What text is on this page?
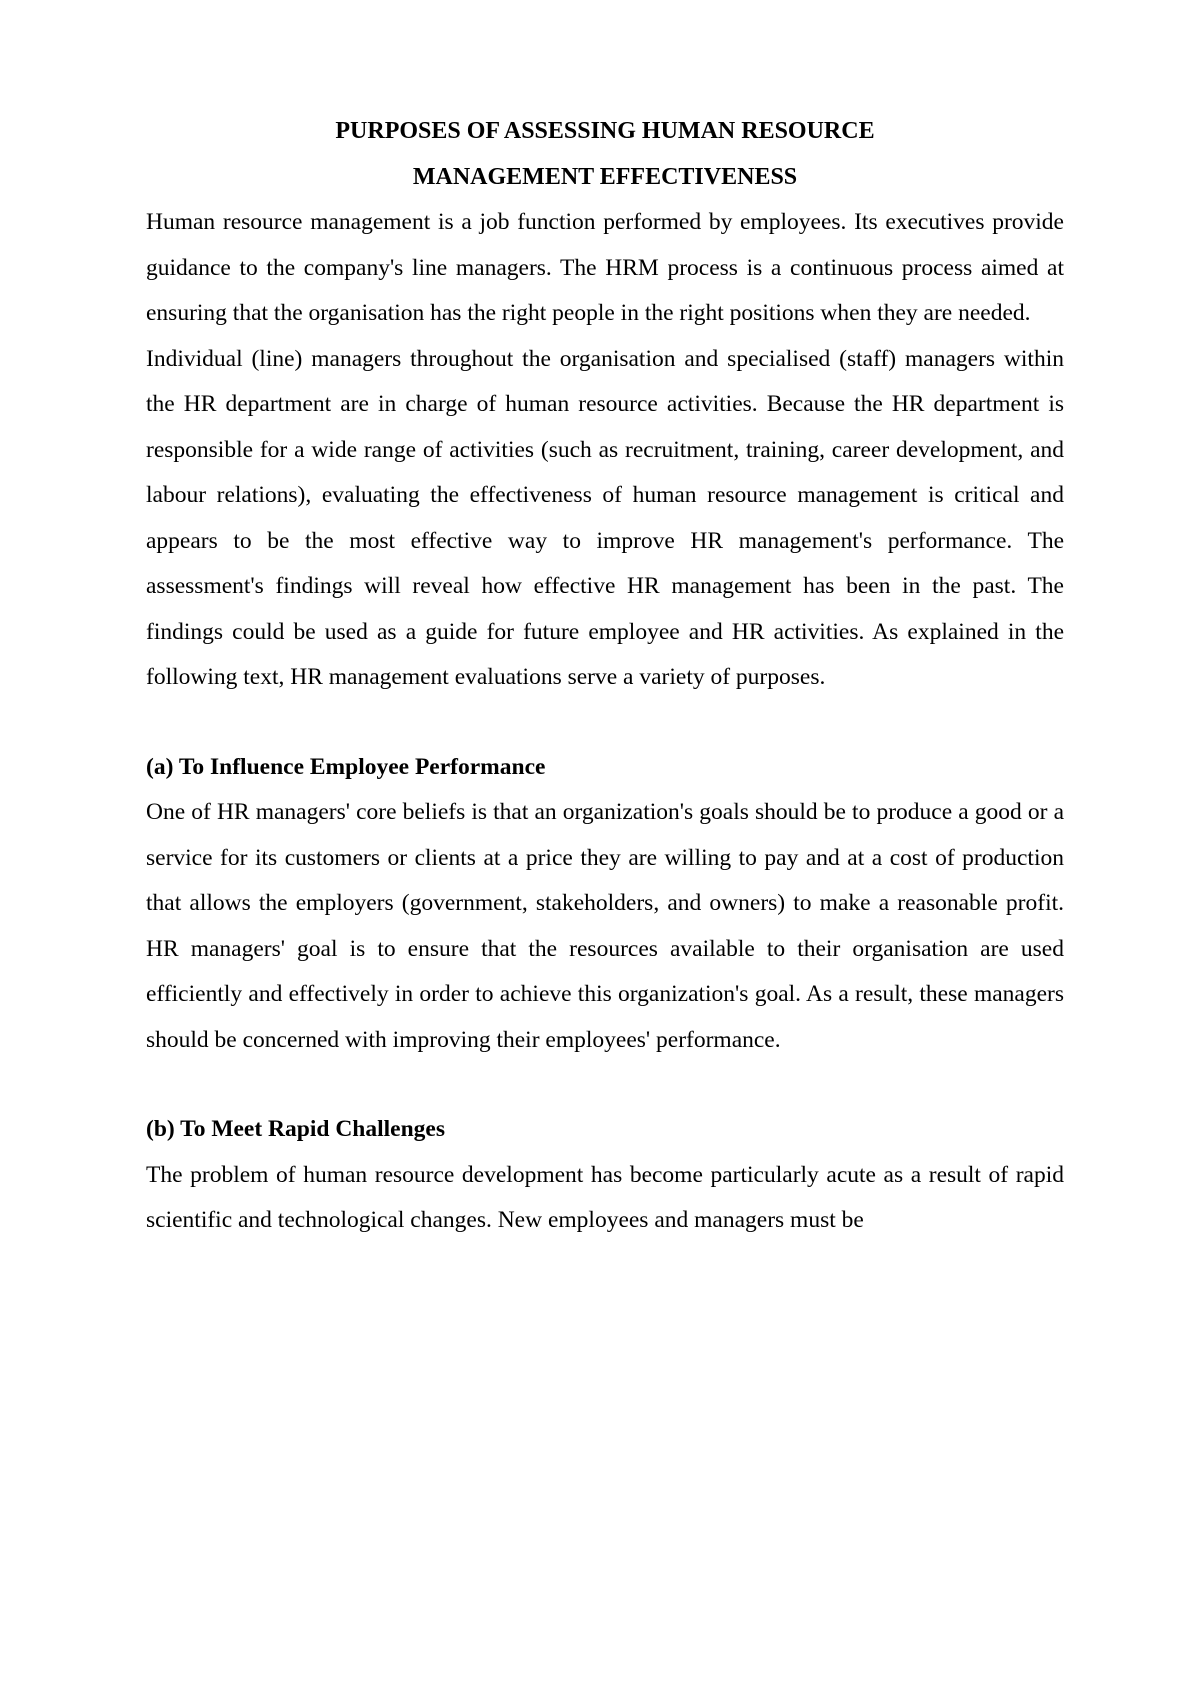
PURPOSES OF ASSESSING HUMAN RESOURCE
MANAGEMENT EFFECTIVENESS

Human resource management is a job function performed by employees. Its executives provide guidance to the company's line managers. The HRM process is a continuous process aimed at ensuring that the organisation has the right people in the right positions when they are needed.

Individual (line) managers throughout the organisation and specialised (staff) managers within the HR department are in charge of human resource activities. Because the HR department is responsible for a wide range of activities (such as recruitment, training, career development, and labour relations), evaluating the effectiveness of human resource management is critical and appears to be the most effective way to improve HR management's performance. The assessment's findings will reveal how effective HR management has been in the past. The findings could be used as a guide for future employee and HR activities. As explained in the following text, HR management evaluations serve a variety of purposes.

(a) To Influence Employee Performance

One of HR managers' core beliefs is that an organization's goals should be to produce a good or a service for its customers or clients at a price they are willing to pay and at a cost of production that allows the employers (government, stakeholders, and owners) to make a reasonable profit. HR managers' goal is to ensure that the resources available to their organisation are used efficiently and effectively in order to achieve this organization's goal. As a result, these managers should be concerned with improving their employees' performance.

(b) To Meet Rapid Challenges

The problem of human resource development has become particularly acute as a result of rapid scientific and technological changes. New employees and managers must be
